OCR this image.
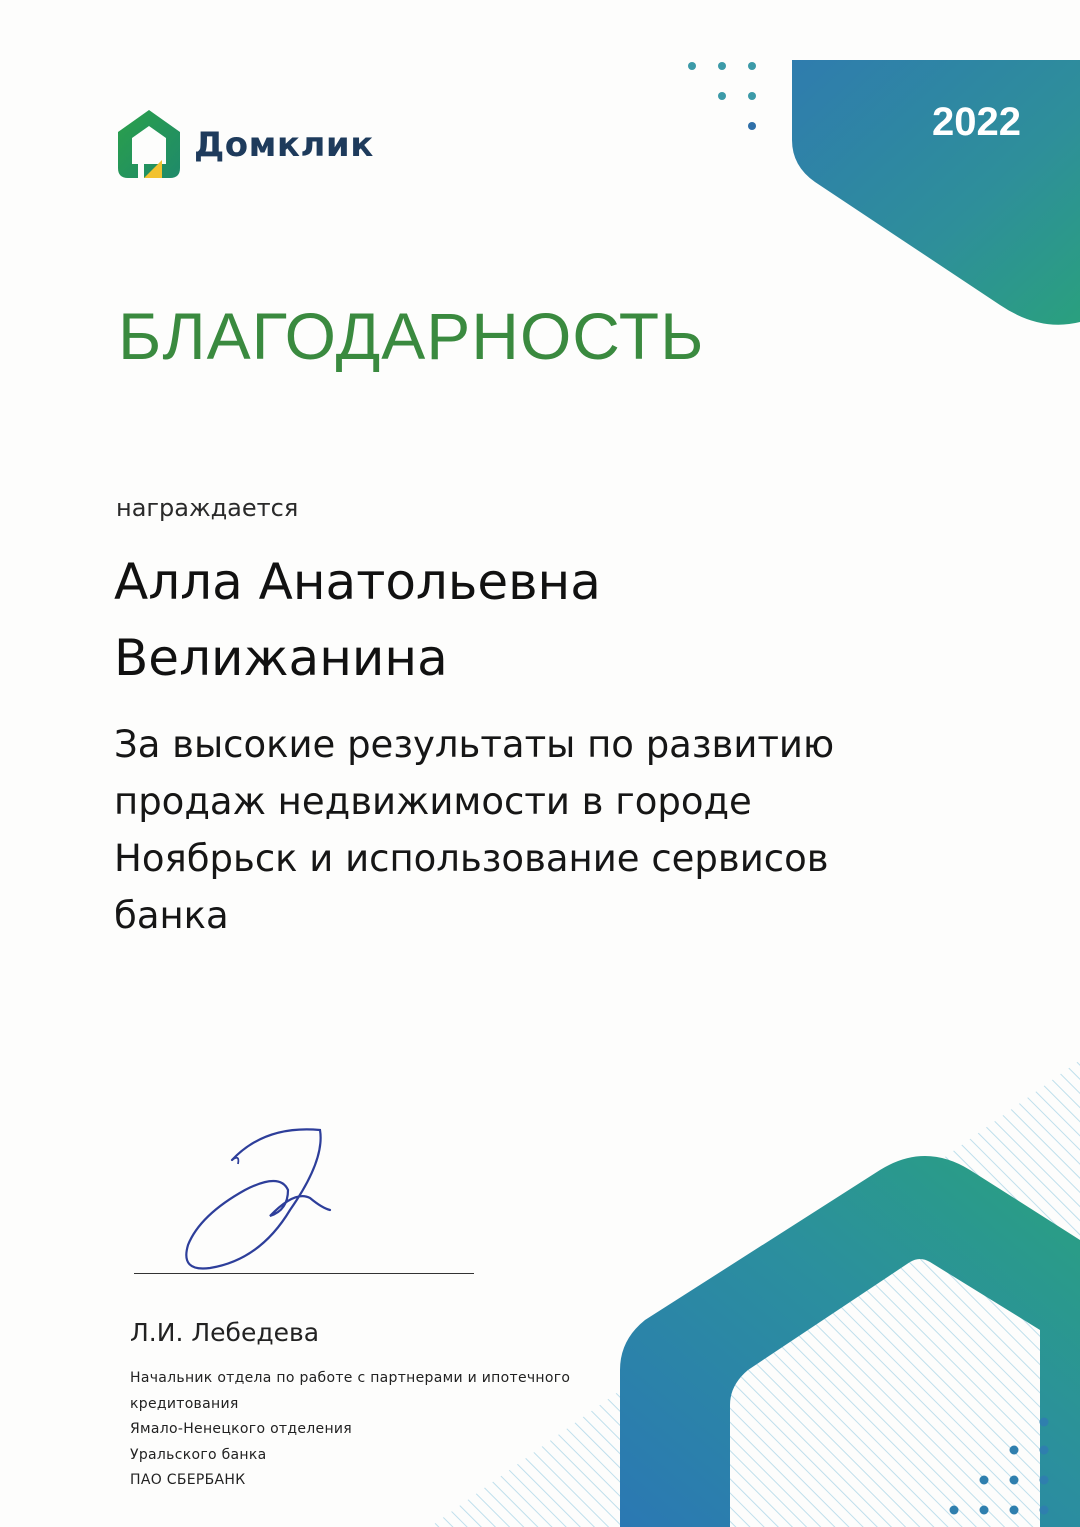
Домклик
2022
БЛАГОДАРНОСТЬ
награждается
Алла Анатольевна
Велижанина
За высокие результаты по развитию продаж недвижимости в городе Ноябрьск и использование сервисов банка
Л.И. Лебедева
Начальник отдела по работе с партнерами и ипотечного
кредитования
Ямало-Ненецкого отделения
Уральского банка
ПАО СБЕРБАНК
